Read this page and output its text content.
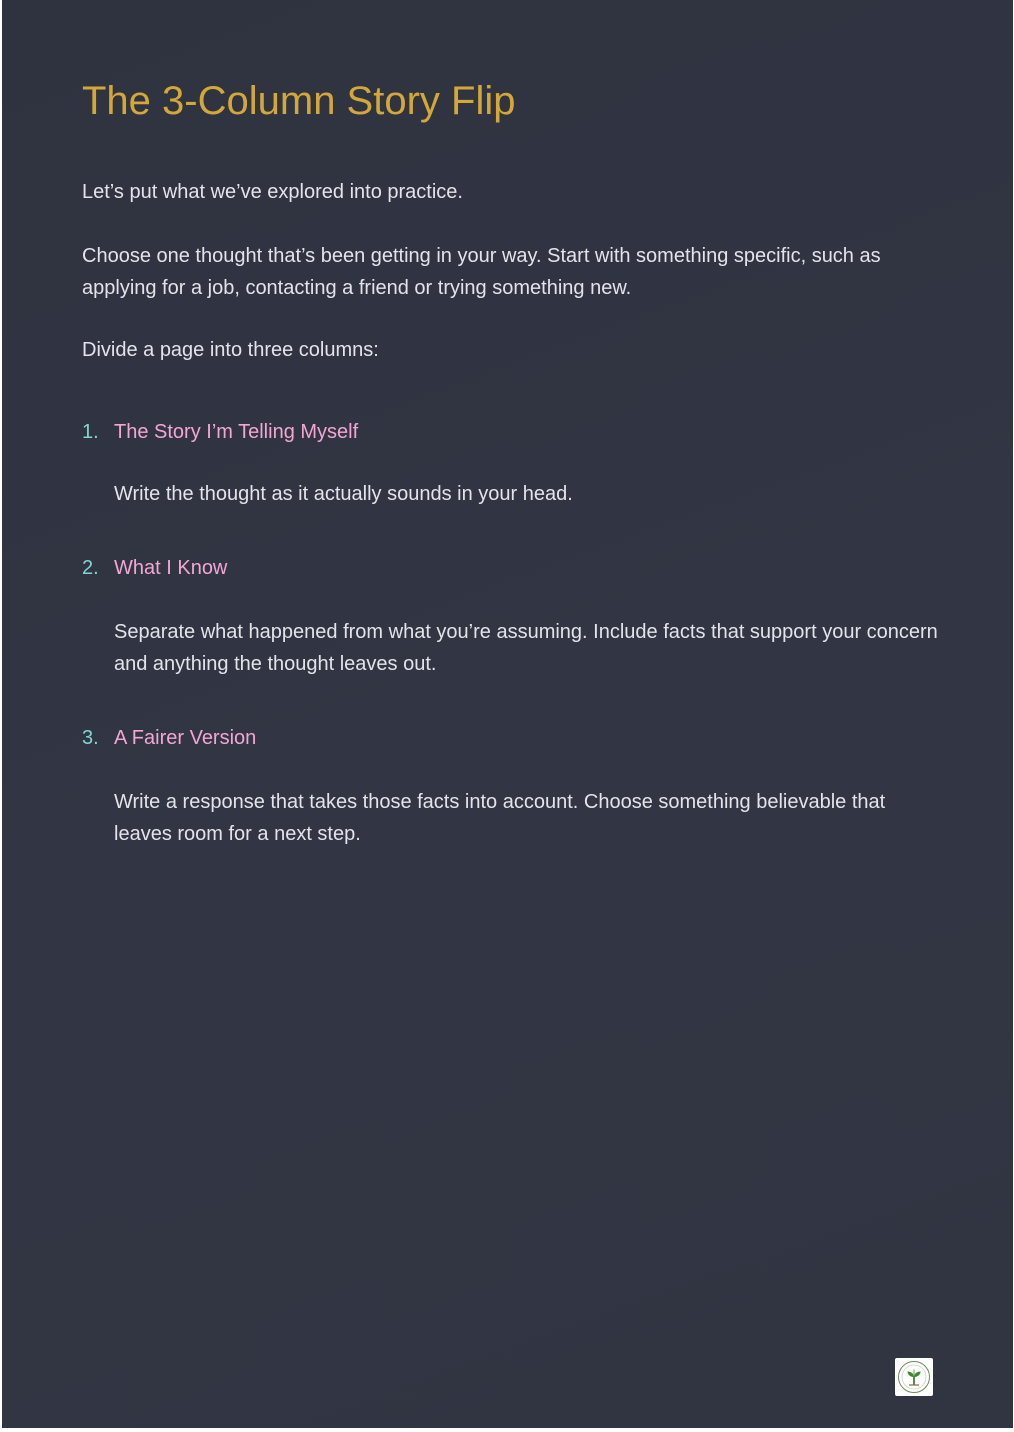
The 3-Column Story Flip

Let’s put what we’ve explored into practice.

Choose one thought that’s been getting in your way. Start with something specific, such as applying for a job, contacting a friend or trying something new.

Divide a page into three columns:

1. The Story I’m Telling Myself

Write the thought as it actually sounds in your head.

2. What I Know

Separate what happened from what you’re assuming. Include facts that support your concern and anything the thought leaves out.

3. A Fairer Version

Write a response that takes those facts into account. Choose something believable that leaves room for a next step.
